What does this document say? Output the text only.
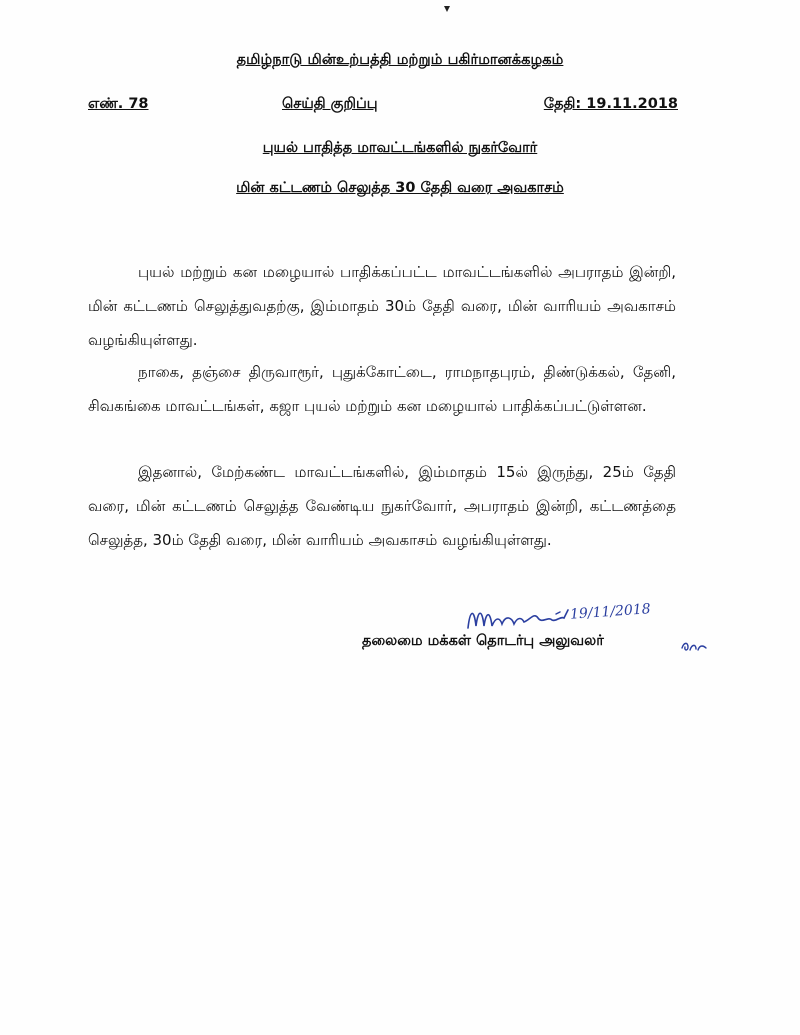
தமிழ்நாடு மின்உற்பத்தி மற்றும் பகிர்மானக்கழகம்
எண். 78	செய்தி குறிப்பு	தேதி: 19.11.2018
புயல் பாதித்த மாவட்டங்களில் நுகர்வோர்
மின் கட்டணம் செலுத்த 30 தேதி வரை அவகாசம்

புயல் மற்றும் கன மழையால் பாதிக்கப்பட்ட மாவட்டங்களில் அபராதம் இன்றி, மின் கட்டணம் செலுத்துவதற்கு, இம்மாதம் 30ம் தேதி வரை, மின் வாரியம் அவகாசம் வழங்கியுள்ளது.

நாகை, தஞ்சை திருவாரூர், புதுக்கோட்டை, ராமநாதபுரம், திண்டுக்கல், தேனி, சிவகங்கை மாவட்டங்கள், கஜா புயல் மற்றும் கன மழையால் பாதிக்கப்பட்டுள்ளன.

இதனால், மேற்கண்ட மாவட்டங்களில், இம்மாதம் 15ல் இருந்து, 25ம் தேதி வரை, மின் கட்டணம் செலுத்த வேண்டிய நுகர்வோர், அபராதம் இன்றி, கட்டணத்தை செலுத்த, 30ம் தேதி வரை, மின் வாரியம் அவகாசம் வழங்கியுள்ளது.

19/11/2018
தலைமை மக்கள் தொடர்பு அலுவலர்
